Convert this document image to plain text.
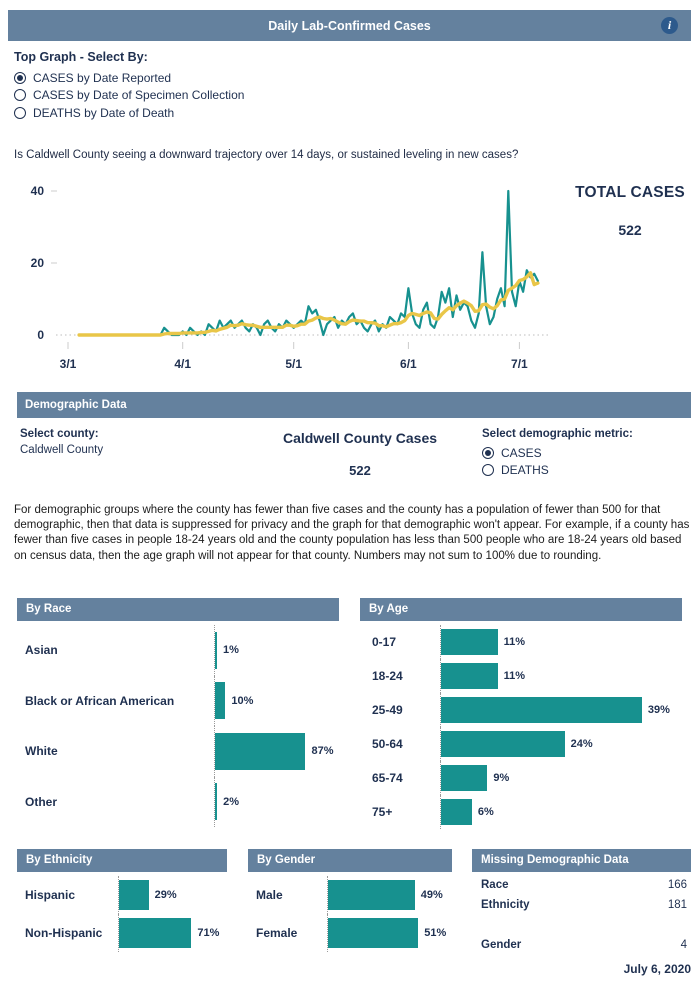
Daily Lab-Confirmed Cases	i
Top Graph - Select By:
CASES by Date Reported
CASES by Date of Specimen Collection
DEATHS by Date of Death
Is Caldwell County seeing a downward trajectory over 14 days, or sustained leveling in new cases?
0
20
40
3/1	4/1	5/1	6/1	7/1
TOTAL CASES
522
Demographic Data
Select county:
Caldwell County
Caldwell County Cases
522
Select demographic metric:
CASES
DEATHS
For demographic groups where the county has fewer than five cases and the county has a population of fewer than 500 for that demographic, then that data is suppressed for privacy and the graph for that demographic won't appear. For example, if a county has fewer than five cases in people 18-24 years old and the county population has less than 500 people who are 18-24 years old based on census data, then the age graph will not appear for that county. Numbers may not sum to 100% due to rounding.
By Race
Asian	1%
Black or African American	10%
White	87%
Other	2%
By Age
0-17	11%
18-24	11%
25-49	39%
50-64	24%
65-74	9%
75+	6%
By Ethnicity
Hispanic	29%
Non-Hispanic	71%
By Gender
Male	49%
Female	51%
Missing Demographic Data
Race	166
Ethnicity	181
Gender	4
July 6, 2020
